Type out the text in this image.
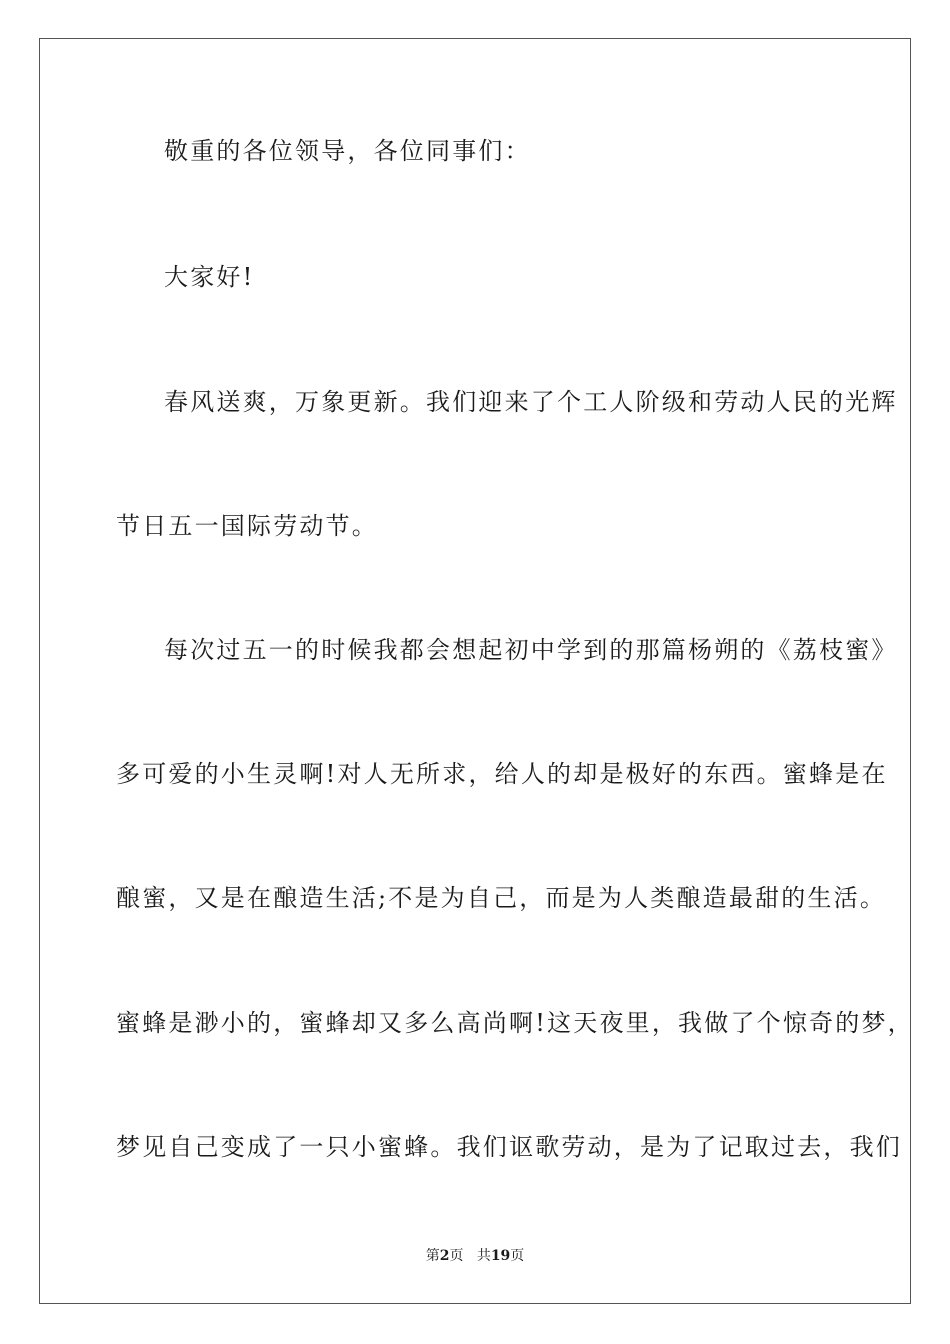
敬重的各位领导，各位同事们：
大家好!
春风送爽，万象更新。我们迎来了个工人阶级和劳动人民的光辉
节日五一国际劳动节。
每次过五一的时候我都会想起初中学到的那篇杨朔的《荔枝蜜》
多可爱的小生灵啊!对人无所求，给人的却是极好的东西。蜜蜂是在
酿蜜，又是在酿造生活;不是为自己，而是为人类酿造最甜的生活。
蜜蜂是渺小的，蜜蜂却又多么高尚啊!这天夜里，我做了个惊奇的梦，
梦见自己变成了一只小蜜蜂。我们讴歌劳动，是为了记取过去，我们
第2页 共19页
